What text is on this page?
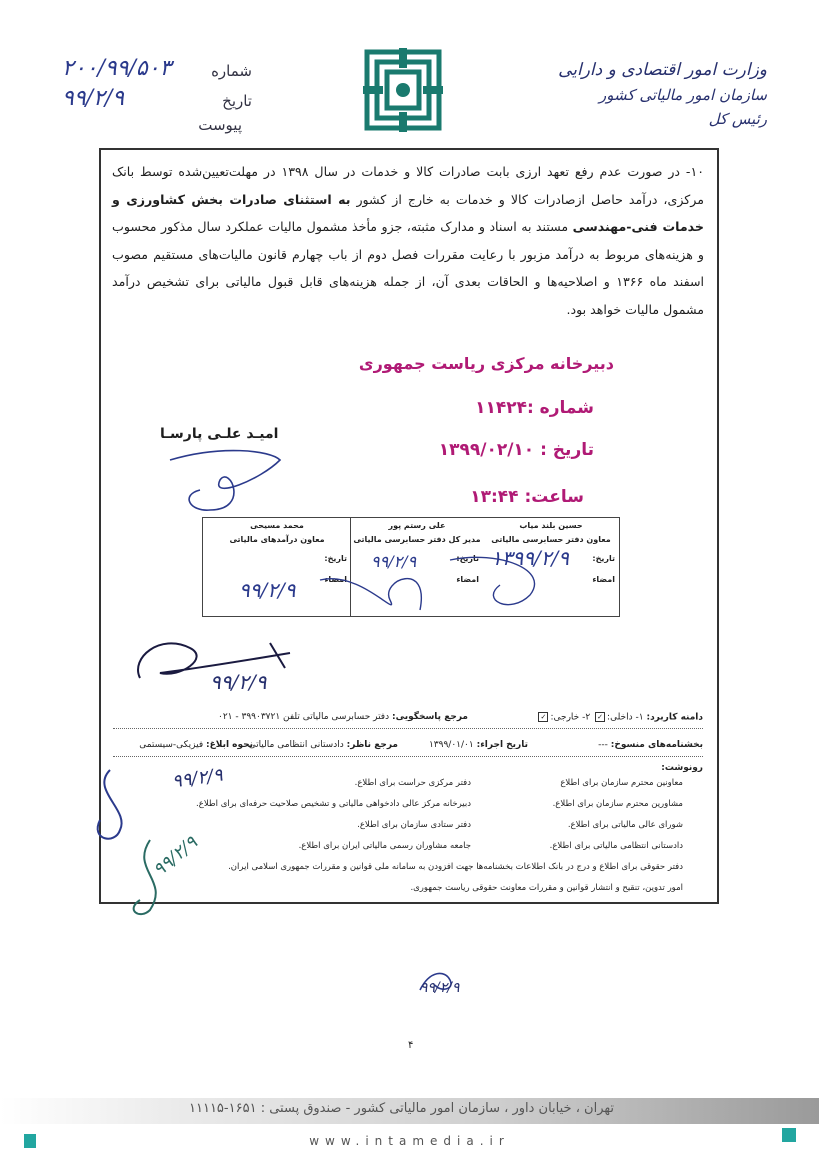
وزارت امور اقتصادی و دارایی
سازمان امور مالیاتی کشور
رئیس کل
شماره
۲۰۰/۹۹/۵۰۳
تاریخ
۹۹/۲/۹
پیوست
۱۰- در صورت عدم رفع تعهد ارزی بابت صادرات کالا و خدمات در سال ۱۳۹۸ در مهلت‌تعیین‌شده توسط بانک مرکزی، درآمد حاصل ازصادرات کالا و خدمات به خارج از کشور به استثنای صادرات بخش کشاورزی و خدمات فنی-مهندسی مستند به اسناد و مدارک مثبته، جزو مأخذ مشمول مالیات عملکرد سال مذکور محسوب و هزینه‌های مربوط به درآمد مزبور با رعایت مقررات فصل دوم از باب چهارم قانون مالیات‌های مستقیم مصوب اسفند ماه ۱۳۶۶ و اصلاحیه‌ها و الحاقات بعدی آن، از جمله هزینه‌های قابل قبول مالیاتی برای تشخیص درآمد مشمول مالیات خواهد بود.
دبیرخانه مرکزی ریاست جمهوری
شماره :۱۱۴۲۴
تاریخ : ۱۳۹۹/۰۲/۱۰
ساعت: ۱۳:۴۴
امیـد علـی پارسـا
حسین بلند میاب
معاون دفتر حسابرسی مالیاتی
تاریخ:
امضاء
۱۳۹۹/۲/۹
علی رستم پور
مدیر کل دفتر حسابرسی مالیاتی
تاریخ:
امضاء
۹۹/۲/۹
محمد مسیحی
معاون درآمدهای مالیاتی
تاریخ:
امضاء
۹۹/۲/۹
۹۹/۲/۹
دامنه کاربرد: ۱- داخلی:✓ ۲- خارجی:✓
مرجع پاسخگویی: دفتر حسابرسی مالیاتی تلفن ۳۹۹۰۳۷۲۱ - ۰۲۱
بخشنامه‌های منسوخ: ---
تاریخ اجراء: ۱۳۹۹/۰۱/۰۱
مرجع ناظر: دادستانی انتظامی مالیاتی
نحوه ابلاغ: فیزیکی-سیستمی
رونوشت:
معاونین محترم سازمان برای اطلاع
مشاورین محترم سازمان برای اطلاع.
شورای عالی مالیاتی برای اطلاع.
دادستانی انتظامی مالیاتی برای اطلاع.
دفتر مرکزی حراست برای اطلاع.
دبیرخانه مرکز عالی دادخواهی مالیاتی و تشخیص صلاحیت حرفه‌ای برای اطلاع.
دفتر ستادی سازمان برای اطلاع.
جامعه مشاوران رسمی مالیاتی ایران برای اطلاع.
دفتر حقوقی برای اطلاع و درج در بانک اطلاعات بخشنامه‌ها جهت افزودن به سامانه ملی قوانین و مقررات جمهوری اسلامی ایران.
امور تدوین، تنقیح و انتشار قوانین و مقررات معاونت حقوقی ریاست جمهوری.
۹۹/۲/۹
۹۹/۲/۹
۹۹/۲/۹
۴
تهران ، خیابان داور ، سازمان امور مالیاتی کشور - صندوق پستی : ۱۶۵۱-۱۱۱۱۵
www.intamedia.ir
